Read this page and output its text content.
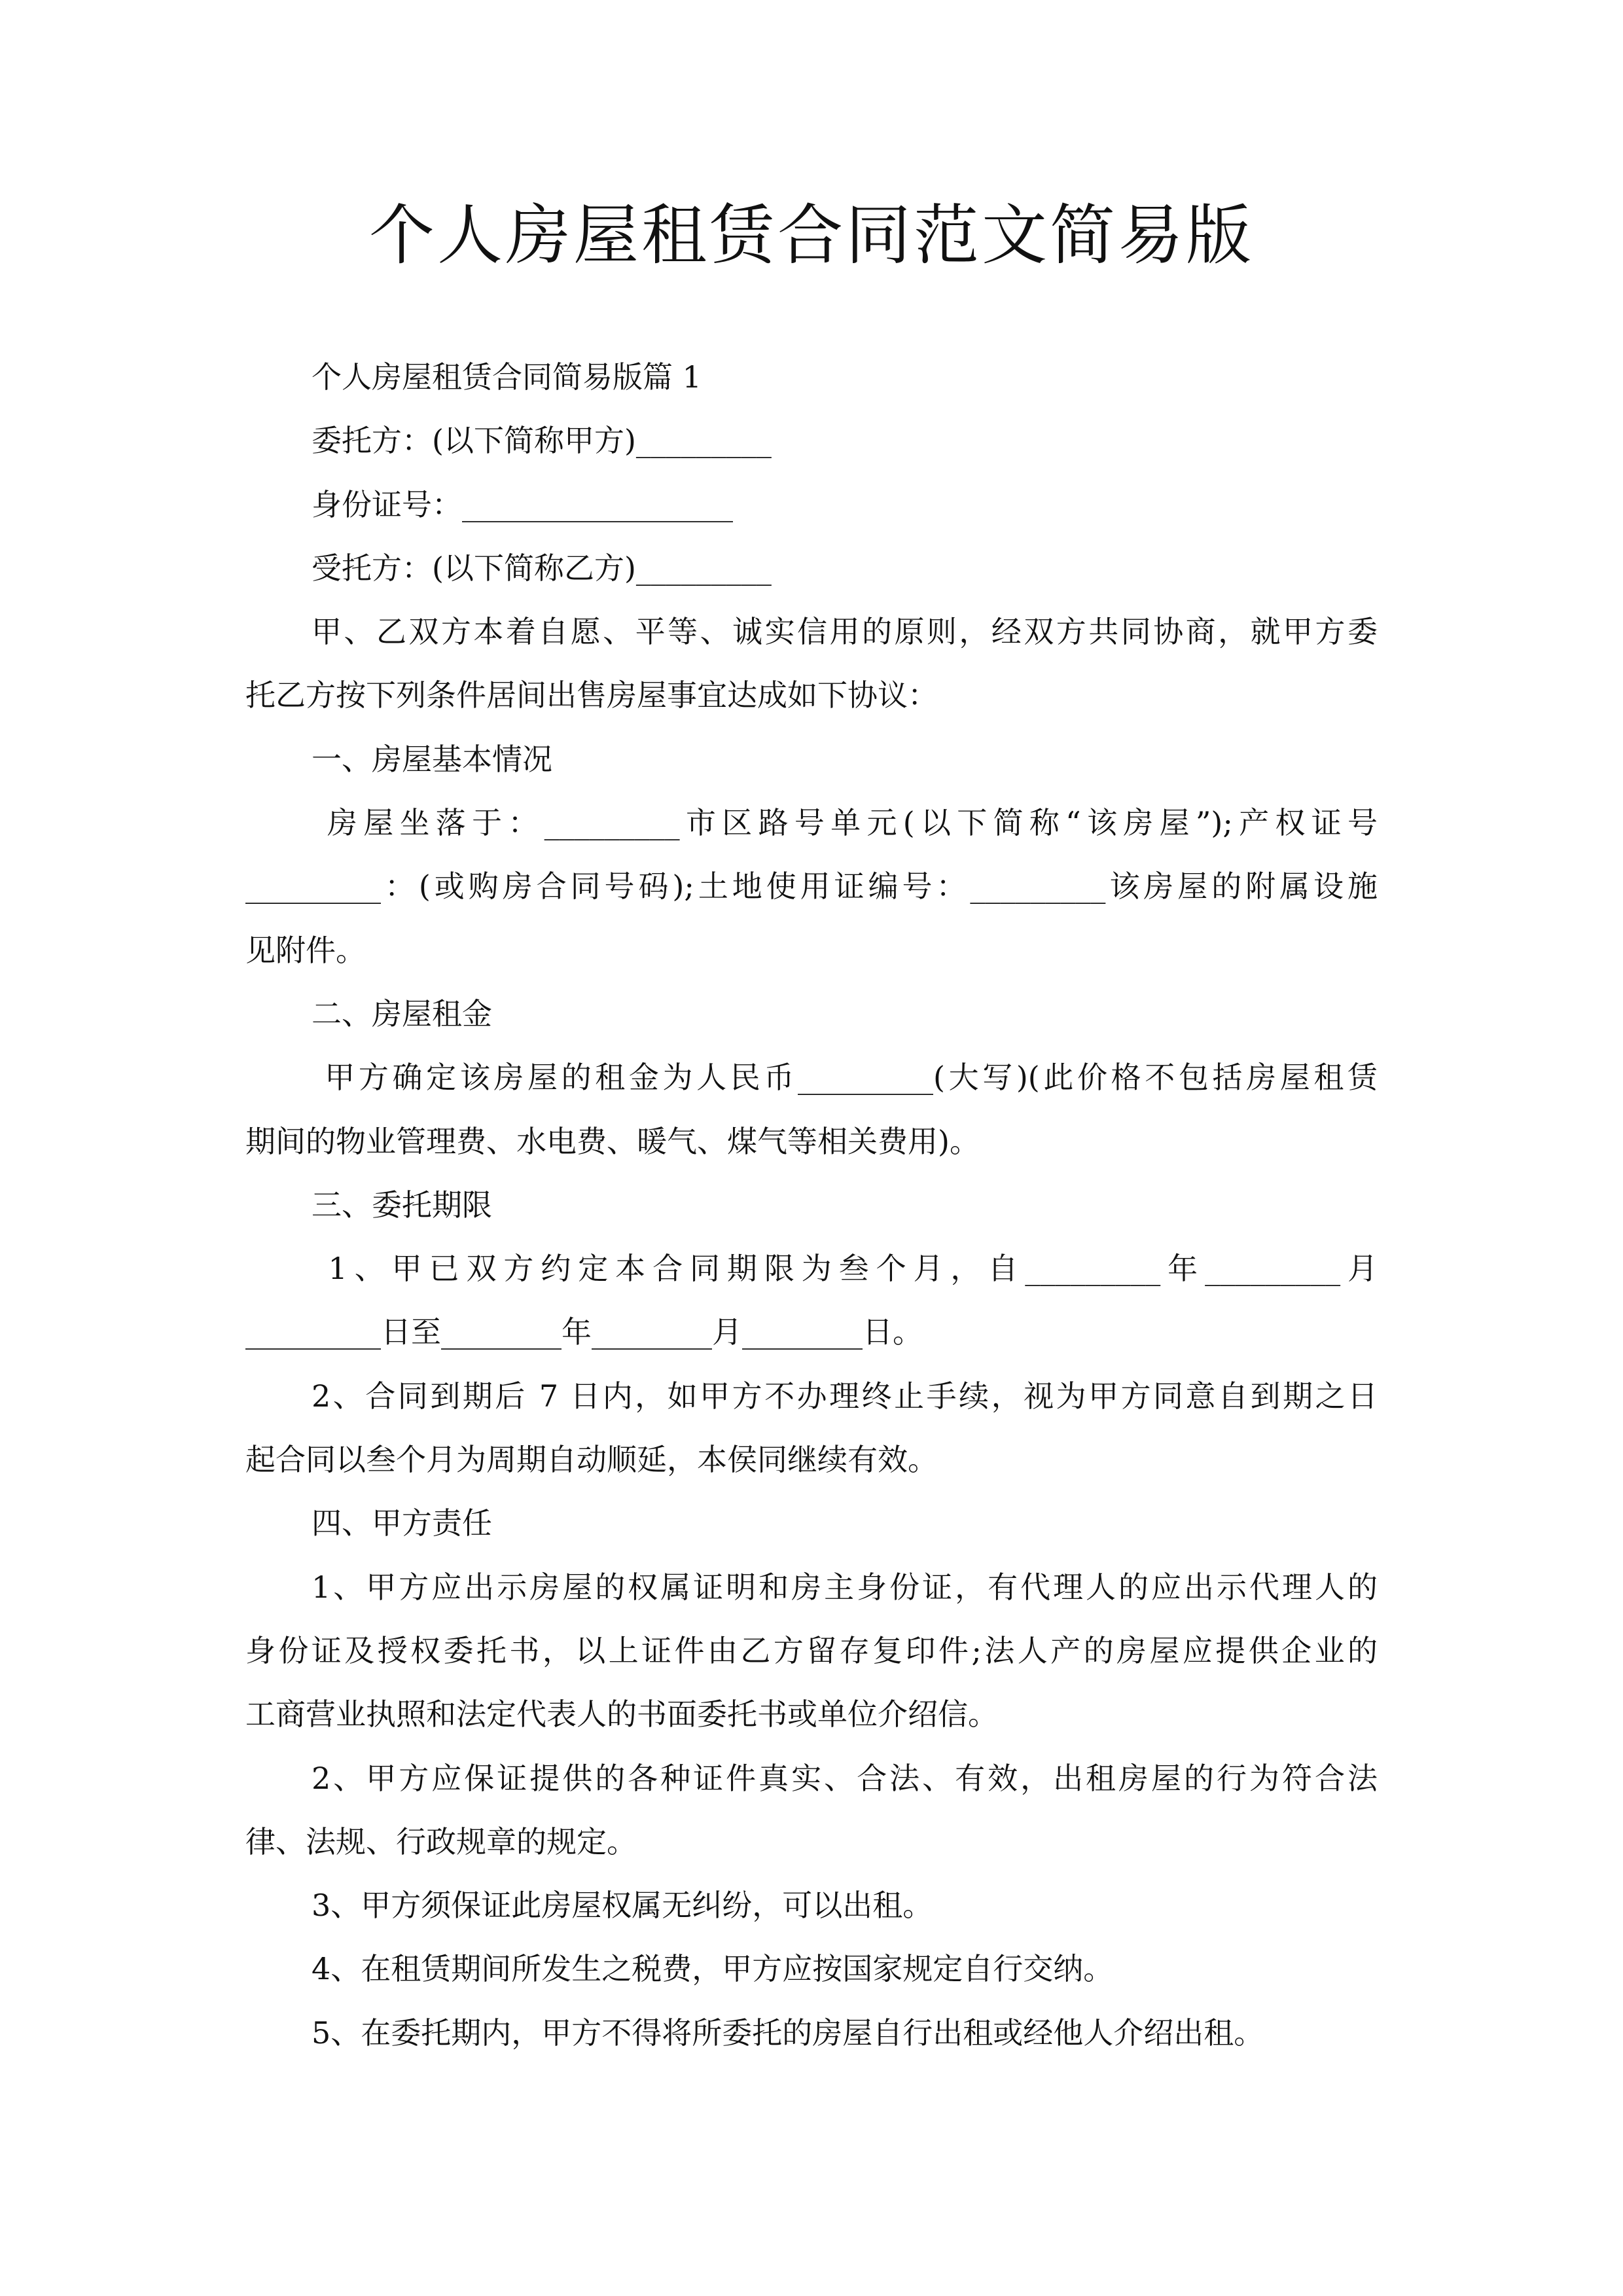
个人房屋租赁合同范文简易版
个人房屋租赁合同简易版篇 1
委托方：(以下简称甲方)_________
身份证号：__________________
受托方：(以下简称乙方)_________
甲、乙双方本着自愿、平等、诚实信用的原则，经双方共同协商，就甲方委
托乙方按下列条件居间出售房屋事宜达成如下协议：
一、房屋基本情况
房屋坐落于：_________市区路号单元(以下简称“该房屋”);产权证号
_________：(或购房合同号码);土地使用证编号：_________该房屋的附属设施
见附件。
二、房屋租金
甲方确定该房屋的租金为人民币_________(大写)(此价格不包括房屋租赁
期间的物业管理费、水电费、暖气、煤气等相关费用)。
三、委托期限
1、甲已双方约定本合同期限为叁个月，自_________年_________月
_________日至________年________月________日。
2、合同到期后 7 日内，如甲方不办理终止手续，视为甲方同意自到期之日
起合同以叁个月为周期自动顺延，本侯同继续有效。
四、甲方责任
1、甲方应出示房屋的权属证明和房主身份证，有代理人的应出示代理人的
身份证及授权委托书，以上证件由乙方留存复印件;法人产的房屋应提供企业的
工商营业执照和法定代表人的书面委托书或单位介绍信。
2、甲方应保证提供的各种证件真实、合法、有效，出租房屋的行为符合法
律、法规、行政规章的规定。
3、甲方须保证此房屋权属无纠纷，可以出租。
4、在租赁期间所发生之税费，甲方应按国家规定自行交纳。
5、在委托期内，甲方不得将所委托的房屋自行出租或经他人介绍出租。
